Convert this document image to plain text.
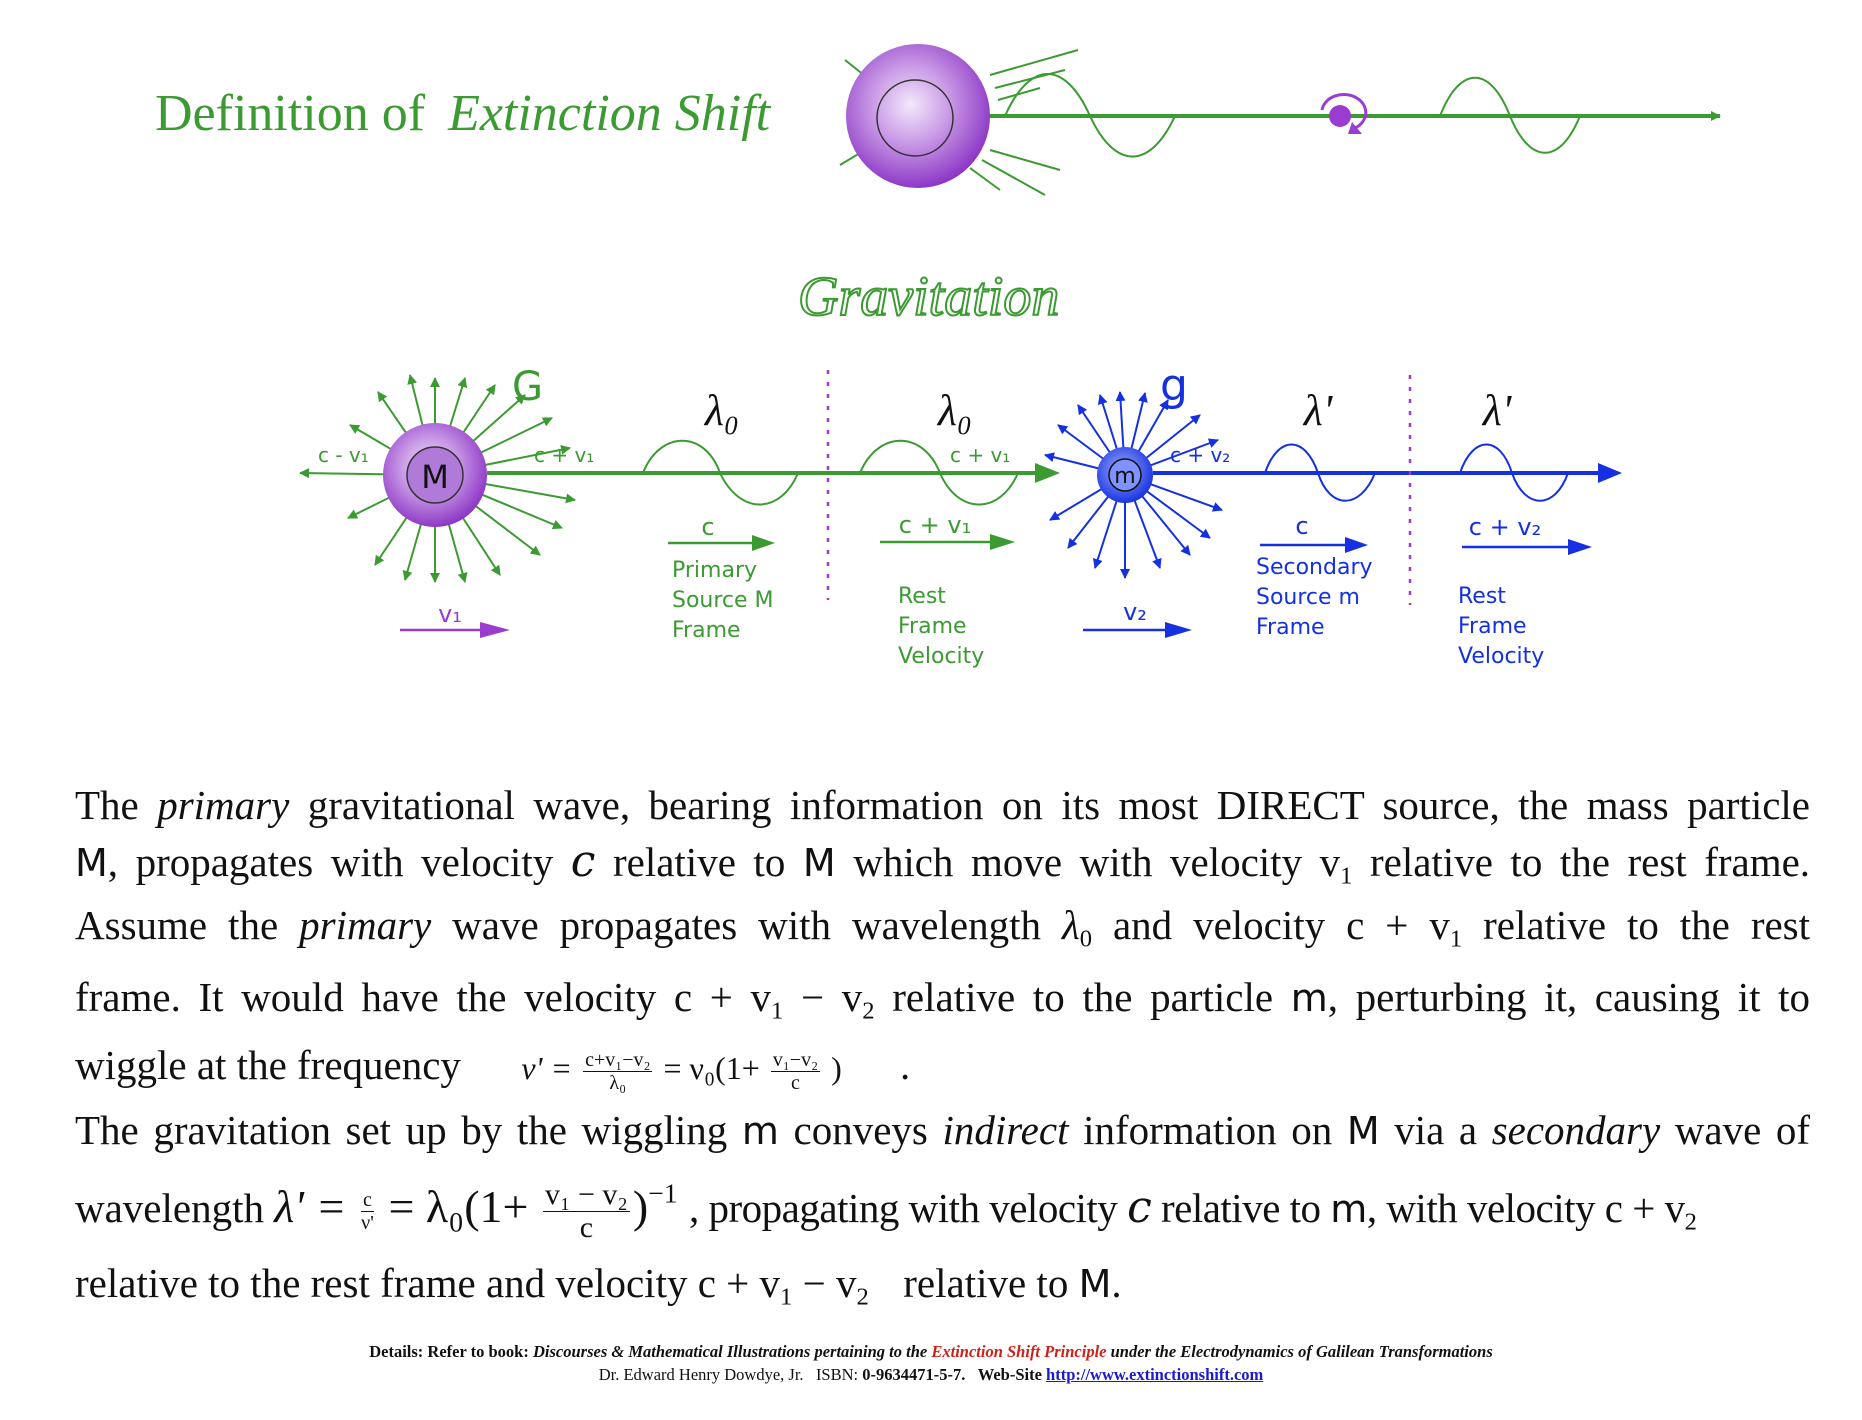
Definition of Extinction Shift
Gravitation
M
G
c - v₁	c + v₁
v₁
λ₀	λ₀
c + v₁
c
Primary Source M Frame
c + v₁
Rest Frame Velocity
m
g
c + v₂
v₂
λ'	λ'
c
Secondary Source m Frame
c + v₂
Rest Frame Velocity
The primary gravitational wave, bearing information on its most DIRECT source, the mass particle
M, propagates with velocity c relative to M which move with velocity $v_1$ relative to the rest frame.
Assume the primary wave propagates with wavelength $\lambda_0$ and velocity $c + v_1$ relative to the rest
frame. It would have the velocity $c + v_1 - v_2$ relative to the particle m, perturbing it, causing it to
wiggle at the frequency $\nu' = \frac{\text{c+v₁−v₂}}{\text{λ₀}} = \nu_0(1+ \frac{\text{v₁−v₂}}{c}$ ) .
The gravitation set up by the wiggling m conveys indirect information on M via a secondary wave of
wavelength $\lambda' = \frac{c}{\nu'} = \lambda_0(1+ \frac{\text{v₁ − v₂}}{c} )^{-1}$ , propagating with velocity c relative to m, with velocity $c + v_2$
relative to the rest frame and velocity $c + v_1 - v_2$ relative to M.
Details: Refer to book: Discourses & Mathematical Illustrations pertaining to the Extinction Shift Principle under the Electrodynamics of Galilean Transformations
Dr. Edward Henry Dowdye, Jr. ISBN: 0-9634471-5-7. Web-Site http://www.extinctionshift.com
